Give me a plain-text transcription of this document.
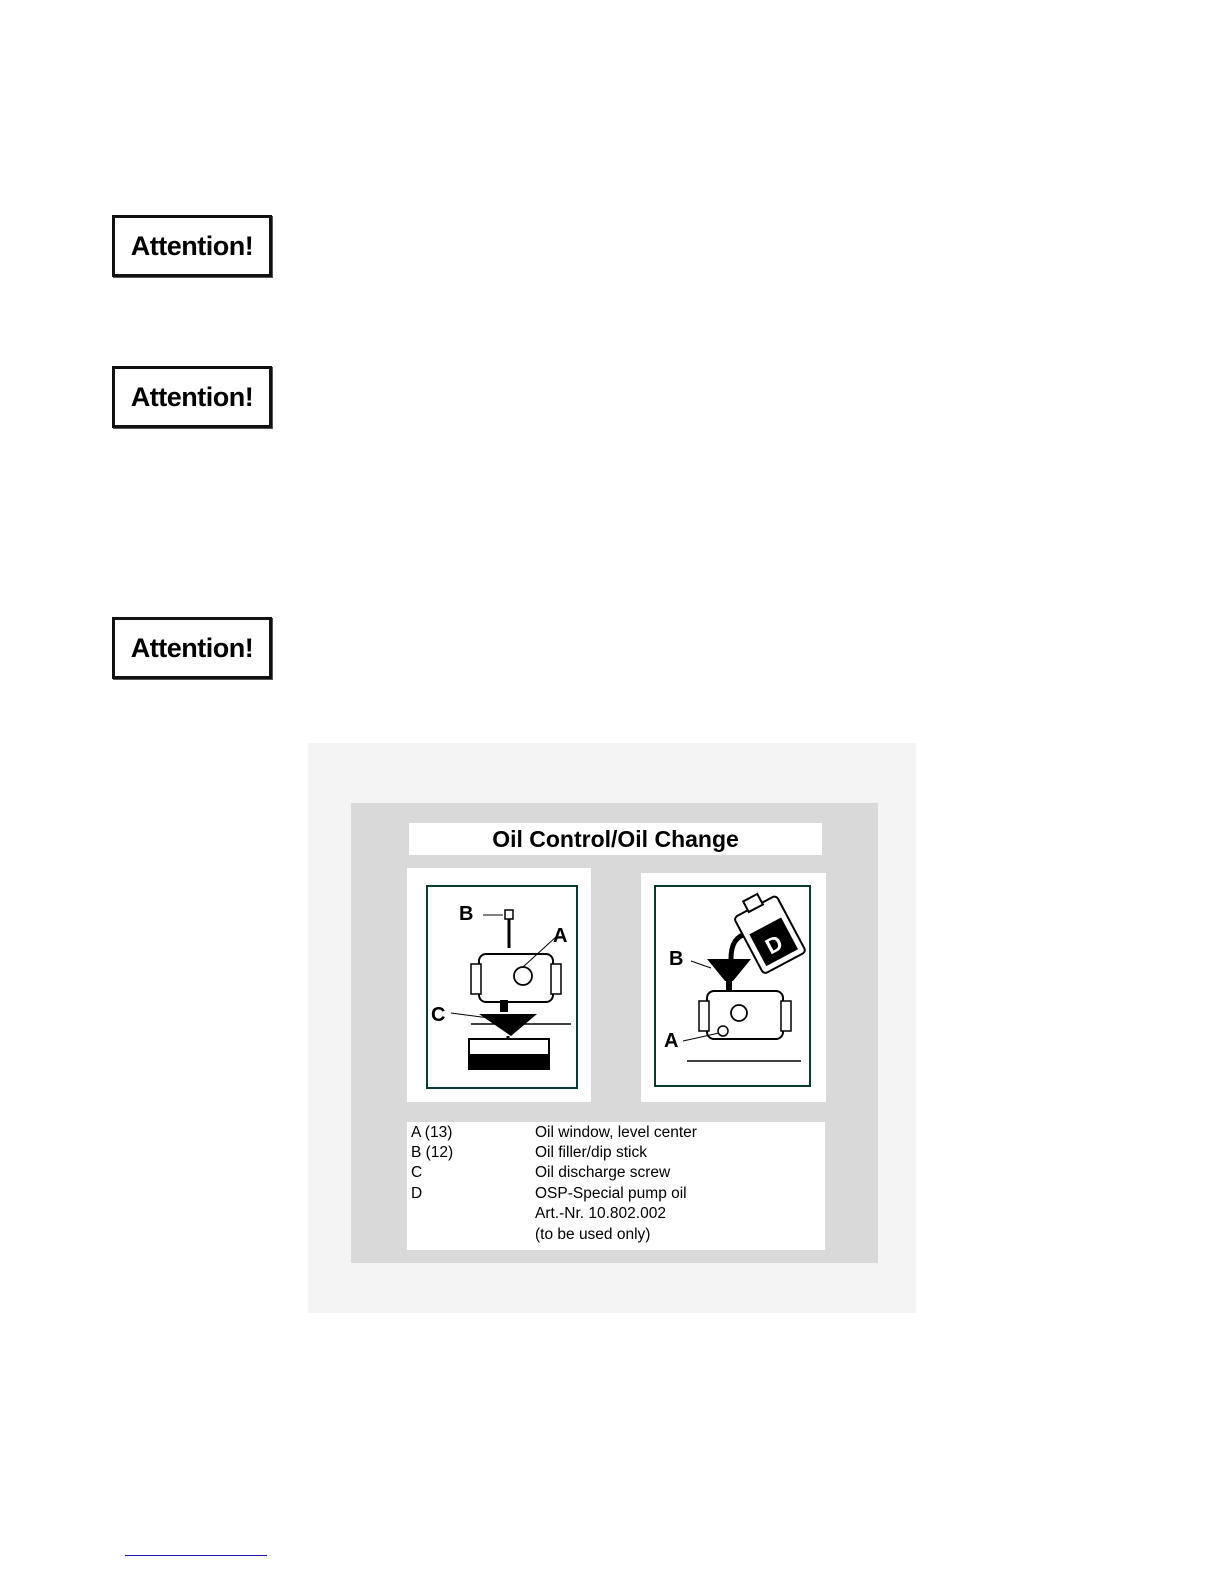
Attention!
Attention!
Attention!
Oil Control/Oil Change
B
A
C
D
B
A
A (13)	Oil window, level center
B (12)	Oil filler/dip stick
C	Oil discharge screw
D	OSP-Special pump oil
Art.-Nr. 10.802.002
(to be used only)
